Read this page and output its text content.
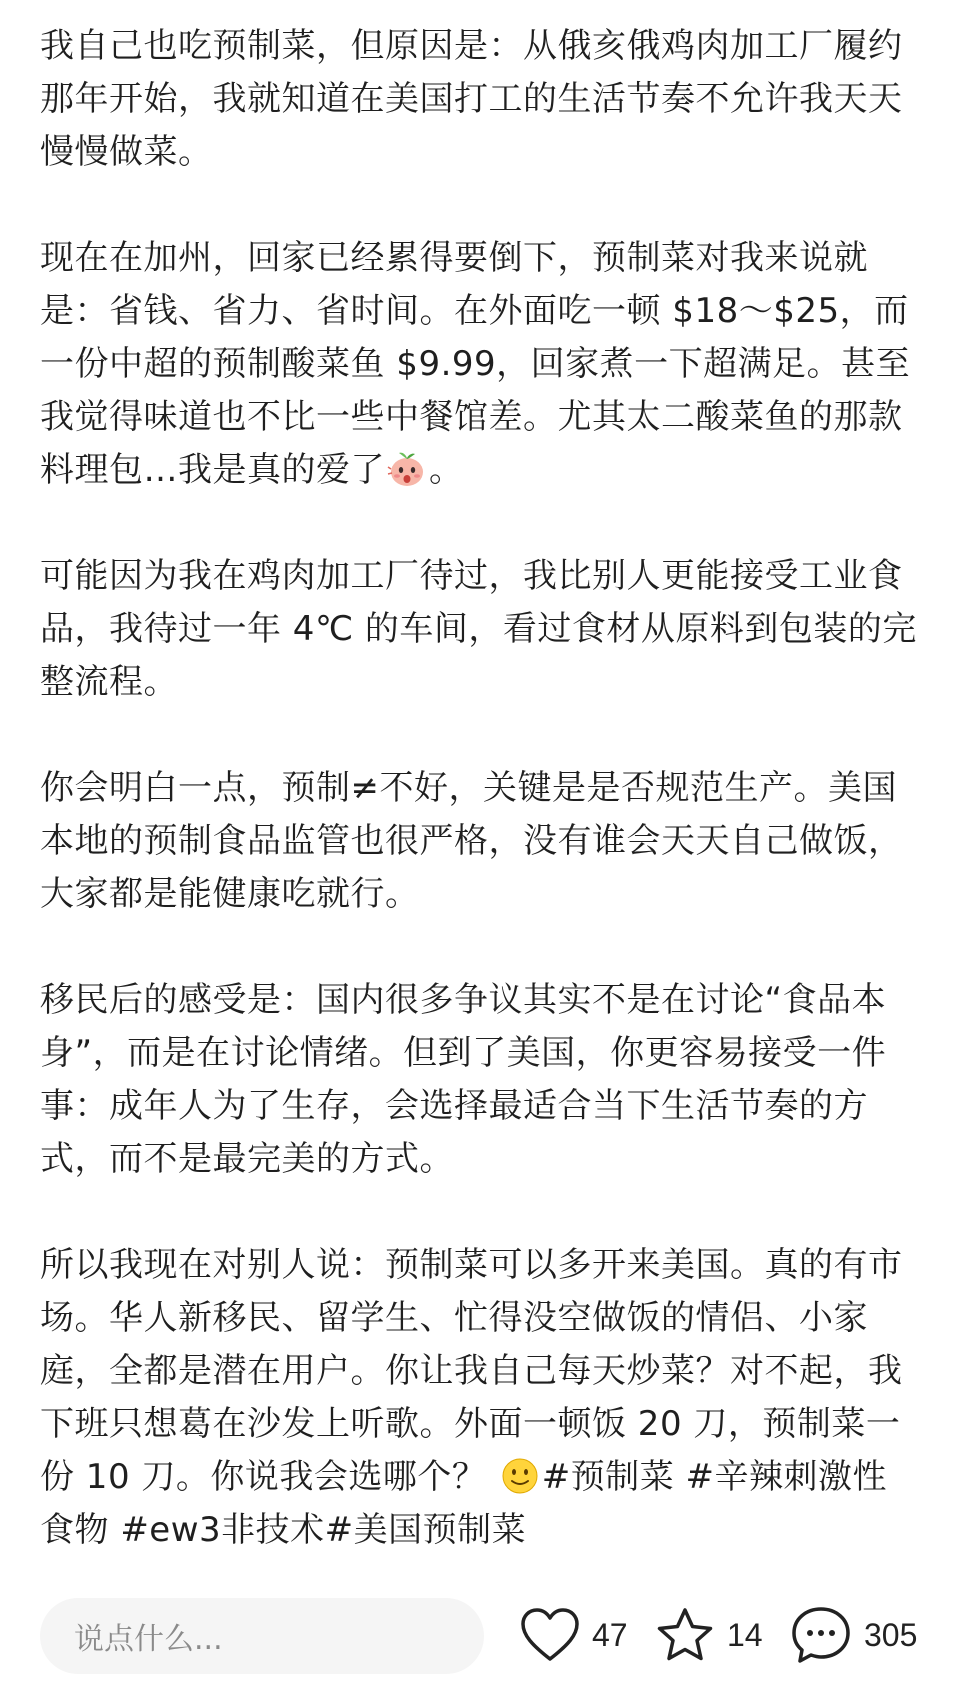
我自己也吃预制菜，但原因是：从俄亥俄鸡肉加工厂履约那年开始，我就知道在美国打工的生活节奏不允许我天天慢慢做菜。

现在在加州，回家已经累得要倒下，预制菜对我来说就是：省钱、省力、省时间。在外面吃一顿 $18～$25，而一份中超的预制酸菜鱼 $9.99，回家煮一下超满足。甚至我觉得味道也不比一些中餐馆差。尤其太二酸菜鱼的那款料理包…我是真的爱了 。

可能因为我在鸡肉加工厂待过，我比别人更能接受工业食品，我待过一年 4℃ 的车间，看过食材从原料到包装的完整流程。

你会明白一点，预制≠不好，关键是是否规范生产。美国本地的预制食品监管也很严格，没有谁会天天自己做饭，大家都是能健康吃就行。

移民后的感受是：国内很多争议其实不是在讨论“食品本身”，而是在讨论情绪。但到了美国，你更容易接受一件事：成年人为了生存，会选择最适合当下生活节奏的方式，而不是最完美的方式。

所以我现在对别人说：预制菜可以多开来美国。真的有市场。华人新移民、留学生、忙得没空做饭的情侣、小家庭，全都是潜在用户。你让我自己每天炒菜？对不起，我下班只想葛在沙发上听歌。外面一顿饭 20 刀，预制菜一份 10 刀。你说我会选哪个？ #预制菜 #辛辣刺激性食物 #ew3非技术#美国预制菜

说点什么...	47	14	305
